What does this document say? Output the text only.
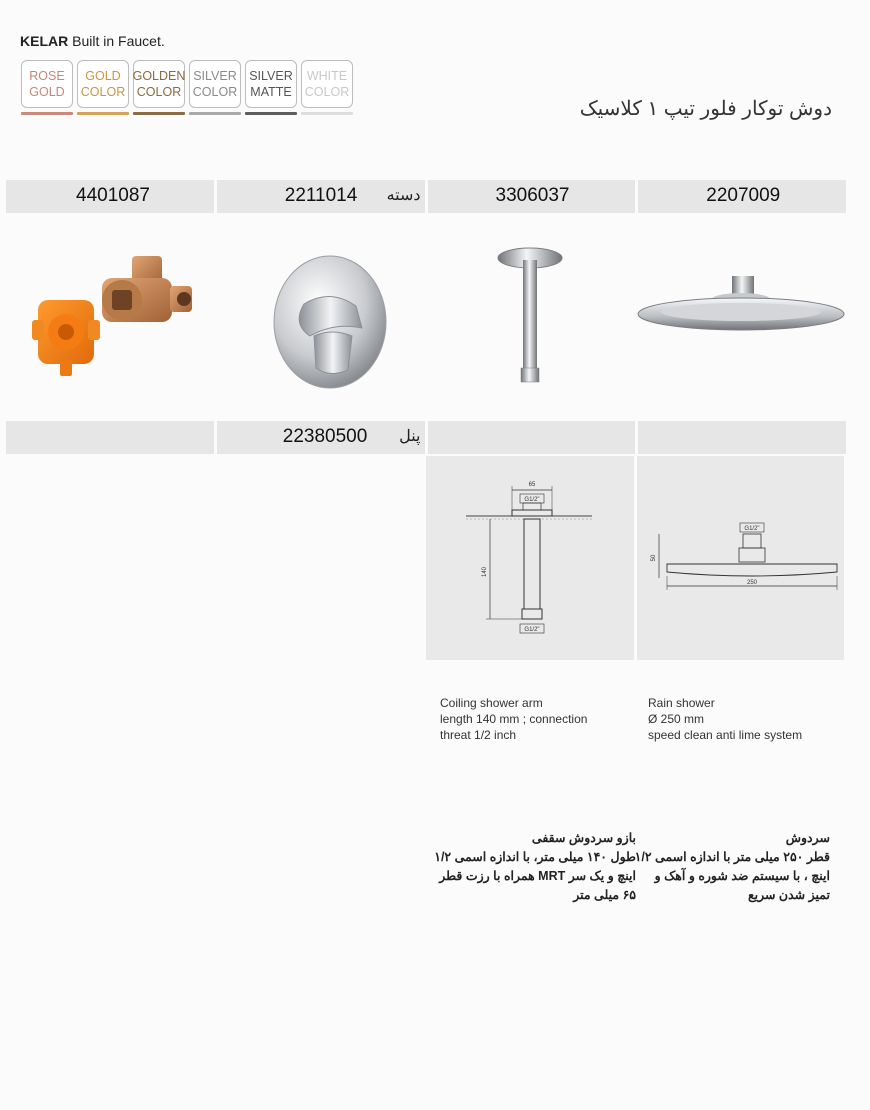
KELAR Built in Faucet.
ROSE
GOLD
GOLD
COLOR
GOLDEN
COLOR
SILVER
COLOR
SILVER
MATTE
WHITE
COLOR
دوش توکار فلور تیپ ۱ کلاسیک
4401087	2211014 دسته	3306037	2207009
22380500 پنل
65
G1/2"
140
G1/2"
G1/2"
50
250
Coiling shower arm
length 140 mm ; connection
threat 1/2 inch
Rain shower
Ø 250 mm
speed clean anti lime system
بازو سردوش سقفی
طول ۱۴۰ میلی متر، با اندازه اسمی ۱/۲
اینچ و یک سر MRT همراه با رزت قطر
۶۵ میلی متر
سردوش
قطر ۲۵۰ میلی متر با اندازه اسمی ۱/۲
اینچ ، با سیستم ضد شوره و آهک و
تمیز شدن سریع
